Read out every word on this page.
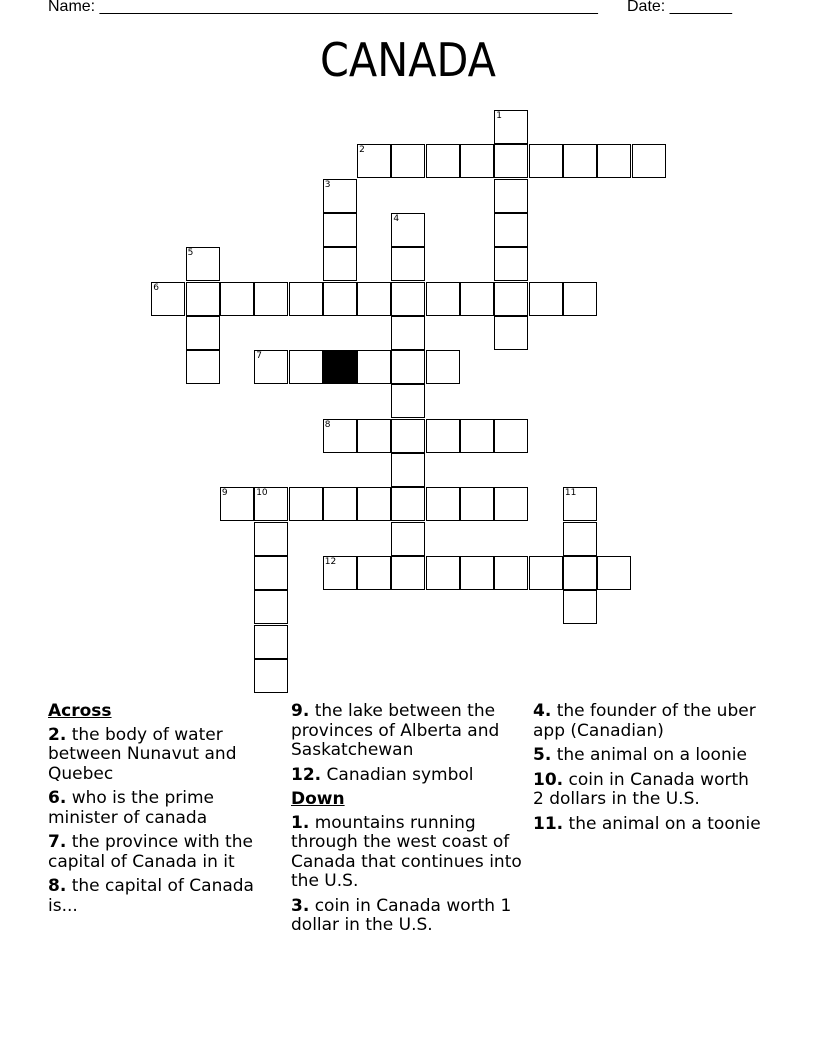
Name: ________________________________________________________ Date: _______
CANADA
1
2
3
4
5
6
7
8
9	10	11
12
Across
2. the body of water between Nunavut and Quebec
6. who is the prime minister of canada
7. the province with the capital of Canada in it
8. the capital of Canada is...
9. the lake between the provinces of Alberta and Saskatchewan
12. Canadian symbol
Down
1. mountains running through the west coast of Canada that continues into the U.S.
3. coin in Canada worth 1 dollar in the U.S.
4. the founder of the uber app (Canadian)
5. the animal on a loonie
10. coin in Canada worth 2 dollars in the U.S.
11. the animal on a toonie
